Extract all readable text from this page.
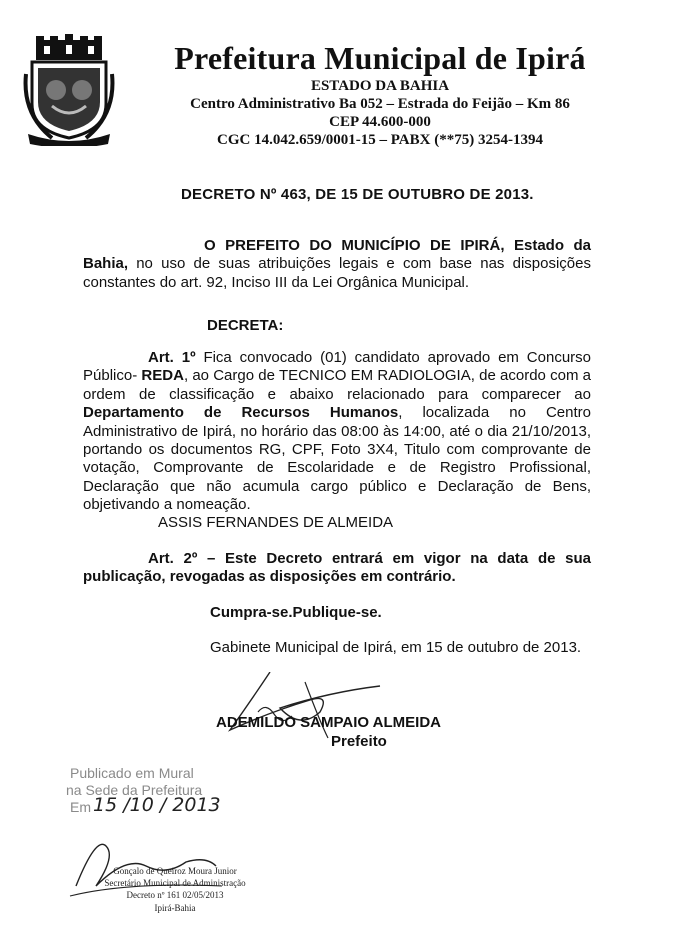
Prefeitura Municipal de Ipirá
ESTADO DA BAHIA
Centro Administrativo Ba 052 – Estrada do Feijão – Km 86
CEP 44.600-000
CGC 14.042.659/0001-15 – PABX (**75) 3254-1394
DECRETO Nº 463, DE 15 DE OUTUBRO DE 2013.
O PREFEITO DO MUNICÍPIO DE IPIRÁ, Estado da Bahia, no uso de suas atribuições legais e com base nas disposições constantes do art. 92, Inciso III da Lei Orgânica Municipal.
DECRETA:
Art. 1º Fica convocado (01) candidato aprovado em Concurso Público- REDA, ao Cargo de TECNICO EM RADIOLOGIA, de acordo com a ordem de classificação e abaixo relacionado para comparecer ao Departamento de Recursos Humanos, localizada no Centro Administrativo de Ipirá, no horário das 08:00 às 14:00, até o dia 21/10/2013, portando os documentos RG, CPF, Foto 3X4, Titulo com comprovante de votação, Comprovante de Escolaridade e de Registro Profissional, Declaração que não acumula cargo público e Declaração de Bens, objetivando a nomeação.
ASSIS FERNANDES DE ALMEIDA
Art. 2º – Este Decreto entrará em vigor na data de sua publicação, revogadas as disposições em contrário.
Cumpra-se.Publique-se.
Gabinete Municipal de Ipirá, em 15 de outubro de 2013.
ADEMILDO SAMPAIO ALMEIDA
Prefeito
Publicado em Mural
na Sede da Prefeitura
Em 15 /10 / 2013
Gonçalo de Queiroz Moura Junior
Secretário Municipal de Administração
Decreto nº 161 02/05/2013
Ipirá-Bahia
